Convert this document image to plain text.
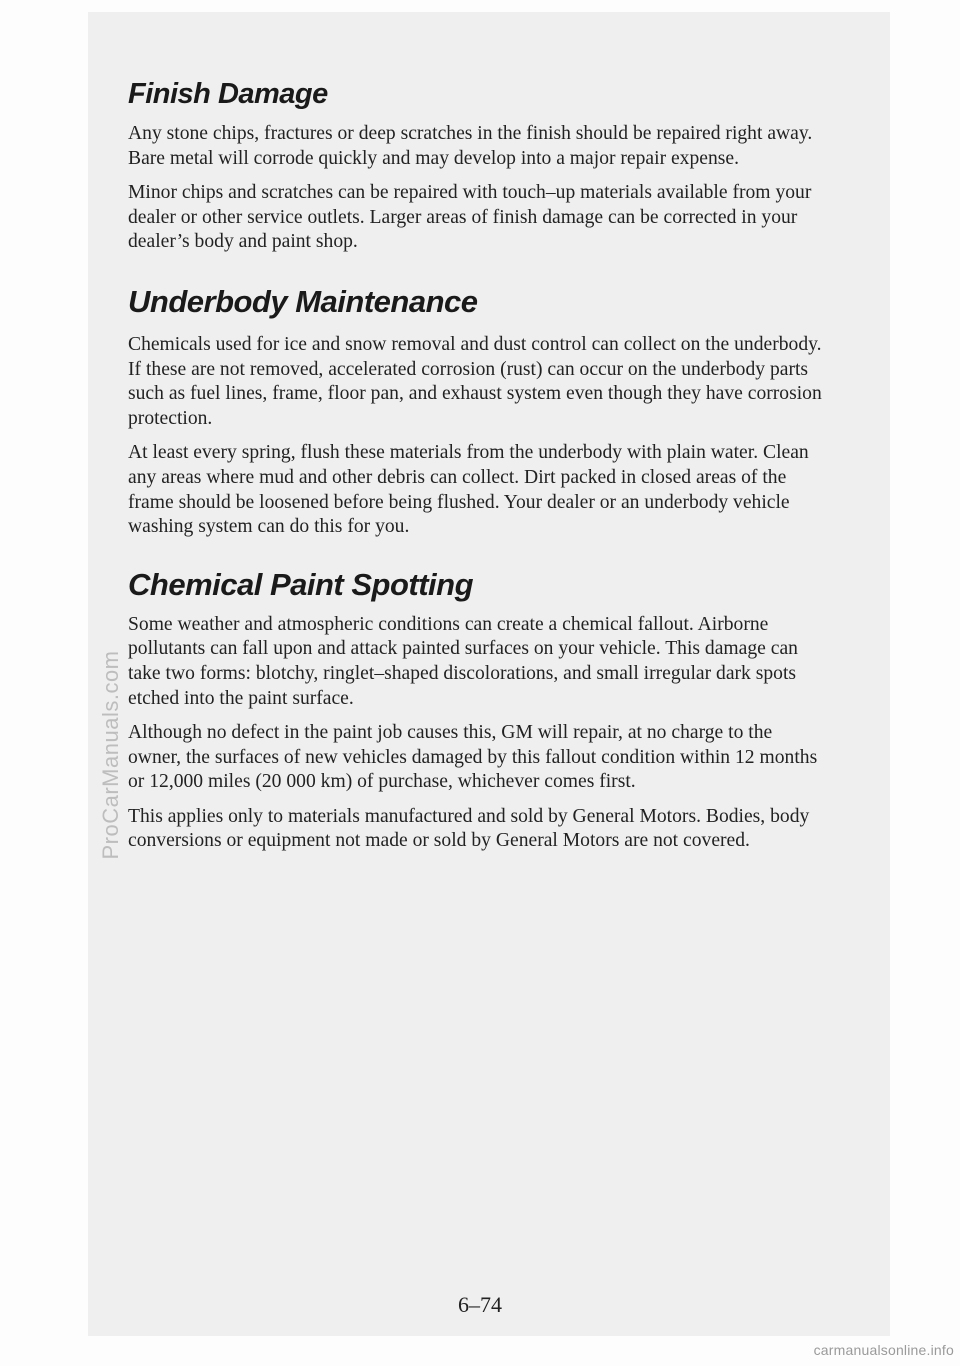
Finish Damage

Any stone chips, fractures or deep scratches in the finish should be repaired right away. Bare metal will corrode quickly and may develop into a major repair expense.

Minor chips and scratches can be repaired with touch–up materials available from your dealer or other service outlets. Larger areas of finish damage can be corrected in your dealer’s body and paint shop.

Underbody Maintenance

Chemicals used for ice and snow removal and dust control can collect on the underbody. If these are not removed, accelerated corrosion (rust) can occur on the underbody parts such as fuel lines, frame, floor pan, and exhaust system even though they have corrosion protection.

At least every spring, flush these materials from the underbody with plain water. Clean any areas where mud and other debris can collect. Dirt packed in closed areas of the frame should be loosened before being flushed. Your dealer or an underbody vehicle washing system can do this for you.

Chemical Paint Spotting

Some weather and atmospheric conditions can create a chemical fallout. Airborne pollutants can fall upon and attack painted surfaces on your vehicle. This damage can take two forms: blotchy, ringlet–shaped discolorations, and small irregular dark spots etched into the paint surface.

Although no defect in the paint job causes this, GM will repair, at no charge to the owner, the surfaces of new vehicles damaged by this fallout condition within 12 months or 12,000 miles (20 000 km) of purchase, whichever comes first.

This applies only to materials manufactured and sold by General Motors. Bodies, body conversions or equipment not made or sold by General Motors are not covered.

6–74
ProCarManuals.com
carmanualsonline.info
